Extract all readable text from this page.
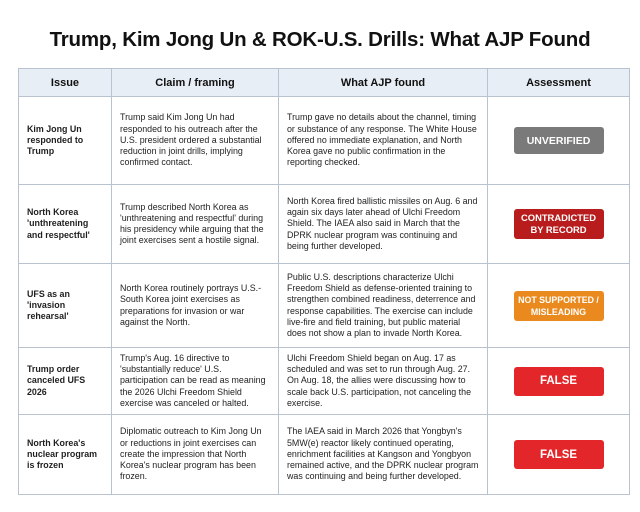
Trump, Kim Jong Un & ROK-U.S. Drills: What AJP Found
Issue	Claim / framing	What AJP found	Assessment
Kim Jong Un responded to Trump	Trump said Kim Jong Un had responded to his outreach after the U.S. president ordered a substantial reduction in joint drills, implying confirmed contact.	Trump gave no details about the channel, timing or substance of any response. The White House offered no immediate explanation, and North Korea gave no public confirmation in the reporting checked.	UNVERIFIED
North Korea 'unthreatening and respectful'	Trump described North Korea as 'unthreatening and respectful' during his presidency while arguing that the joint exercises sent a hostile signal.	North Korea fired ballistic missiles on Aug. 6 and again six days later ahead of Ulchi Freedom Shield. The IAEA also said in March that the DPRK nuclear program was continuing and being further developed.	CONTRADICTED BY RECORD
UFS as an 'invasion rehearsal'	North Korea routinely portrays U.S.-South Korea joint exercises as preparations for invasion or war against the North.	Public U.S. descriptions characterize Ulchi Freedom Shield as defense-oriented training to strengthen combined readiness, deterrence and response capabilities. The exercise can include live-fire and field training, but public material does not show a plan to invade North Korea.	NOT SUPPORTED / MISLEADING
Trump order canceled UFS 2026	Trump's Aug. 16 directive to 'substantially reduce' U.S. participation can be read as meaning the 2026 Ulchi Freedom Shield exercise was canceled or halted.	Ulchi Freedom Shield began on Aug. 17 as scheduled and was set to run through Aug. 27. On Aug. 18, the allies were discussing how to scale back U.S. participation, not canceling the exercise.	FALSE
North Korea's nuclear program is frozen	Diplomatic outreach to Kim Jong Un or reductions in joint exercises can create the impression that North Korea's nuclear program has been frozen.	The IAEA said in March 2026 that Yongbyn's 5MW(e) reactor likely continued operating, enrichment facilities at Kangson and Yongbyon remained active, and the DPRK nuclear program was continuing and being further developed.	FALSE
